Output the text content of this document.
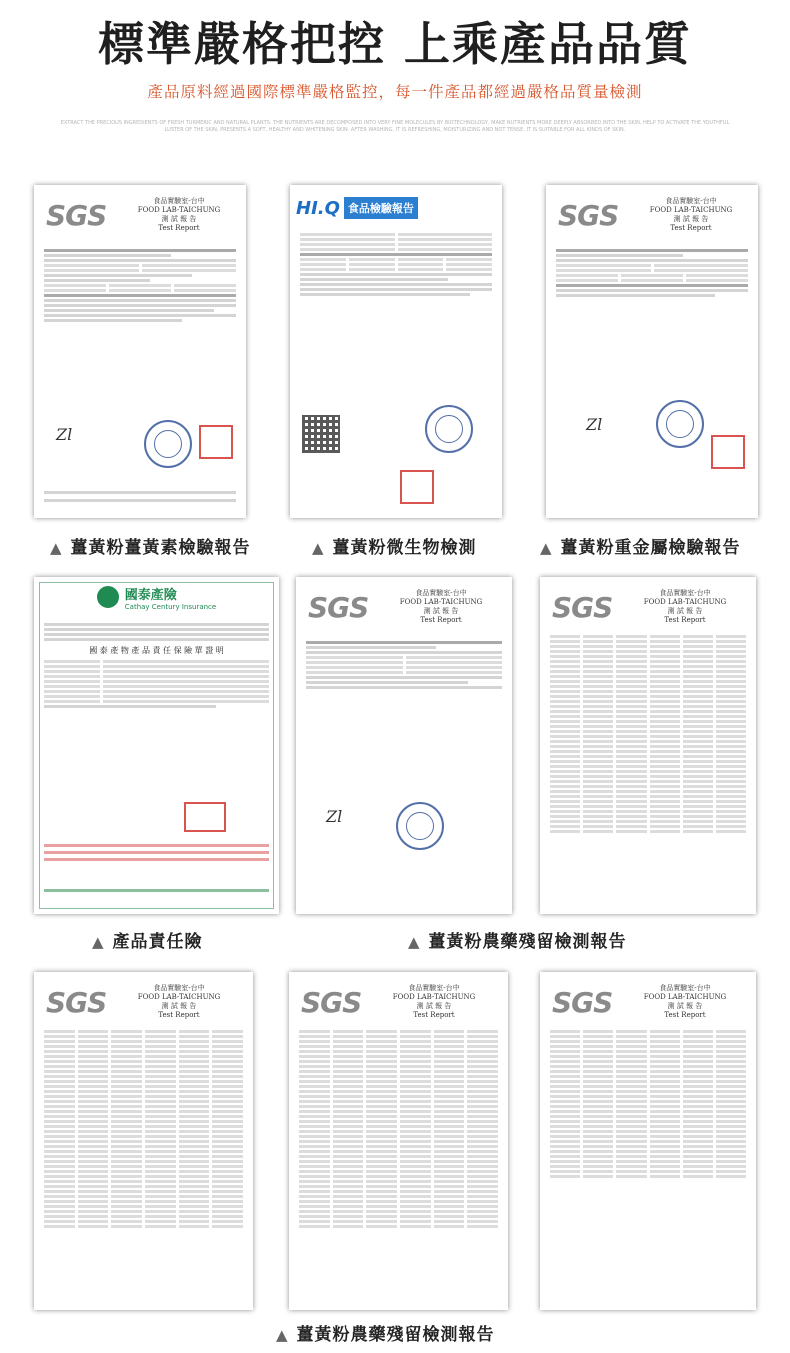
標準嚴格把控 上乘產品品質
產品原料經過國際標準嚴格監控，每一件產品都經過嚴格品質量檢測
EXTRACT THE PRECIOUS INGREDIENTS OF FRESH TURMERIC AND NATURAL PLANTS. THE NUTRIENTS ARE DECOMPOSED INTO VERY FINE MOLECULES BY BIOTECHNOLOGY, MAKE NUTRIENTS MORE DEEPLY ABSORBED INTO THE SKIN, HELP TO ACTIVATE THE YOUTHFUL LUSTER OF THE SKIN, PRESENTS A SOFT, HEALTHY AND WHITENING SKIN. AFTER WASHING, IT IS REFRESHING, MOISTURIZING AND NOT TENSE. IT IS SUITABLE FOR ALL KINDS OF SKIN.
SGS	食品實驗室-台中
FOOD LAB-TAICHUNG
測 試 報 告
Test Report
Zl
HI.Q 食品檢驗報告	SGS	食品實驗室-台中
FOOD LAB-TAICHUNG
測 試 報 告
Test Report
Zl
▲ 薑黃粉薑黃素檢驗報告	▲ 薑黃粉微生物檢測	▲ 薑黃粉重金屬檢驗報告
國泰產險
Cathay Century Insurance
國 泰 產 物 產 品 責 任 保 險 單 證 明
SGS	食品實驗室-台中
FOOD LAB-TAICHUNG
測 試 報 告
Test Report
Zl
SGS	食品實驗室-台中
FOOD LAB-TAICHUNG
測 試 報 告
Test Report
▲ 產品責任險	▲ 薑黃粉農藥殘留檢測報告
SGS	食品實驗室-台中
FOOD LAB-TAICHUNG
測 試 報 告
Test Report	SGS	食品實驗室-台中
FOOD LAB-TAICHUNG
測 試 報 告
Test Report	SGS	食品實驗室-台中
FOOD LAB-TAICHUNG
測 試 報 告
Test Report
▲ 薑黃粉農藥殘留檢測報告
